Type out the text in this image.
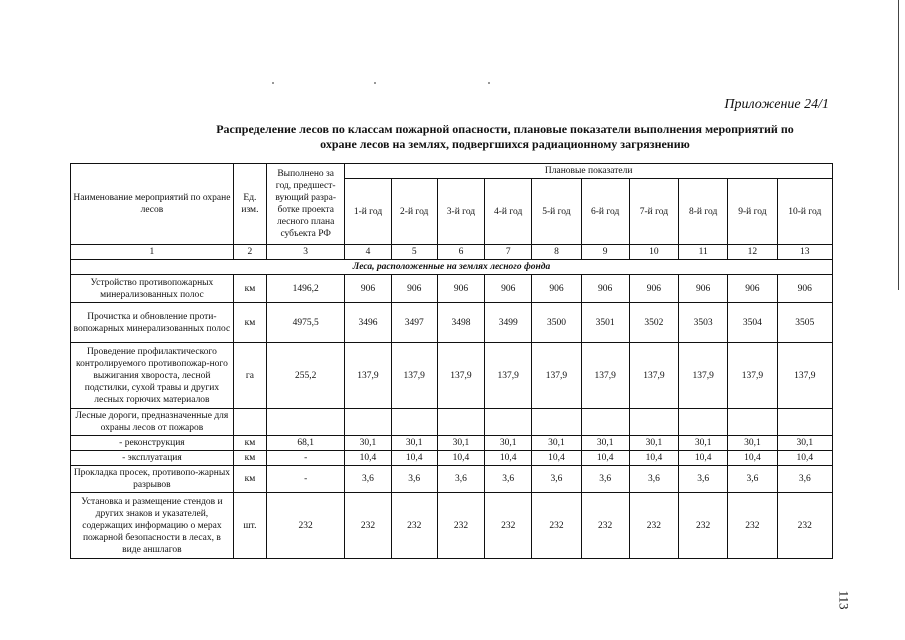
Приложение 24/1
Распределение лесов по классам пожарной опасности, плановые показатели выполнения мероприятий по
охране лесов на землях, подвергшихся радиационному загрязнению
Наименование мероприятий по охране лесов	Ед. изм.	Выполнено за год, предшест-вующий разра-ботке проекта лесного плана субъекта РФ	Плановые показатели									
			1-й год	2-й год	3-й год	4-й год	5-й год	6-й год	7-й год	8-й год	9-й год	10-й год
1	2	3	4	5	6	7	8	9	10	11	12	13
Леса, расположенные на землях лесного фонда												
Устройство противопожарных минерализованных полос	км	1496,2	906	906	906	906	906	906	906	906	906	906
Прочистка и обновление проти-вопожарных минерализованных полос	км	4975,5	3496	3497	3498	3499	3500	3501	3502	3503	3504	3505
Проведение профилактического контролируемого противопожар-ного выжигания хвороста, лесной подстилки, сухой травы и других лесных горючих материалов	га	255,2	137,9	137,9	137,9	137,9	137,9	137,9	137,9	137,9	137,9	137,9
Лесные дороги, предназначенные для охраны лесов от пожаров												
- реконструкция	км	68,1	30,1	30,1	30,1	30,1	30,1	30,1	30,1	30,1	30,1	30,1
- эксплуатация	км	-	10,4	10,4	10,4	10,4	10,4	10,4	10,4	10,4	10,4	10,4
Прокладка просек, противопо-жарных разрывов	км	-	3,6	3,6	3,6	3,6	3,6	3,6	3,6	3,6	3,6	3,6
Установка и размещение стендов и других знаков и указателей, содержащих информацию о мерах пожарной безопасности в лесах, в виде аншлагов	шт.	232	232	232	232	232	232	232	232	232	232	232
113
